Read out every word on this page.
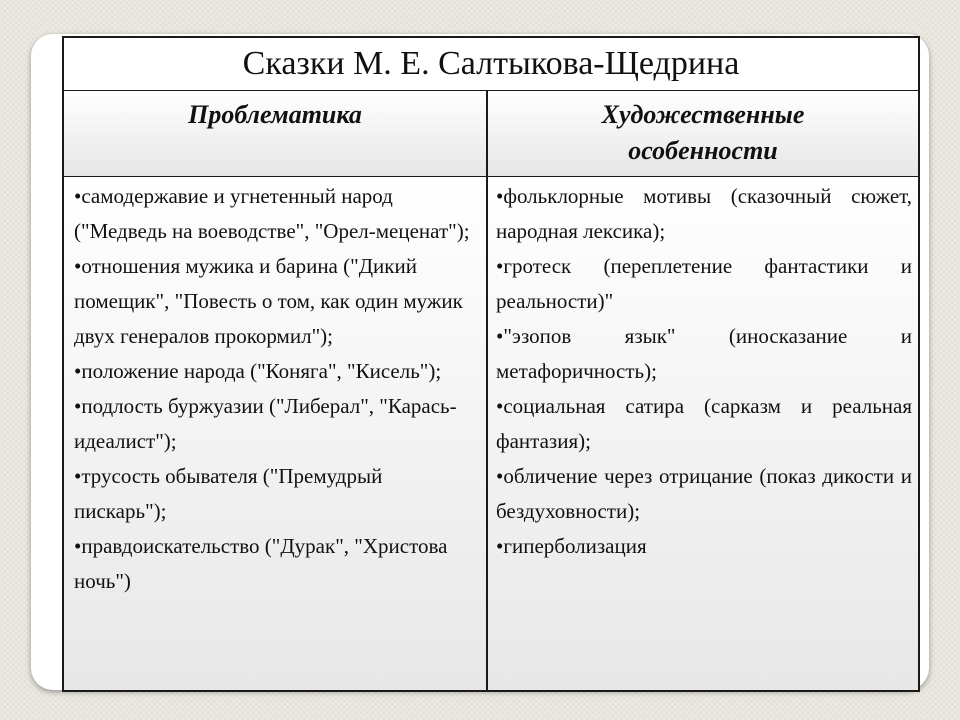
Сказки М. Е. Салтыкова-Щедрина
Проблематика	Художественные
особенности

•самодержавие и угнетенный народ ("Медведь на воеводстве", "Орел-меценат");

•отношения мужика и барина ("Дикий помещик", "Повесть о том, как один мужик двух генералов прокормил");

•положение народа ("Коняга", "Кисель");

•подлость буржуазии ("Либерал", "Карась-идеалист");

•трусость обывателя ("Премудрый пискарь");

•правдоискательство ("Дурак", "Христова ночь")

•фольклорные мотивы (сказочный сюжет, народная лексика);

•гротеск (переплетение фантастики и реальности)"

•"эзопов язык" (иносказание и метафоричность);

•социальная сатира (сарказм и реальная фантазия);

•обличение через отрицание (показ дикости и бездуховности);

•гиперболизация
